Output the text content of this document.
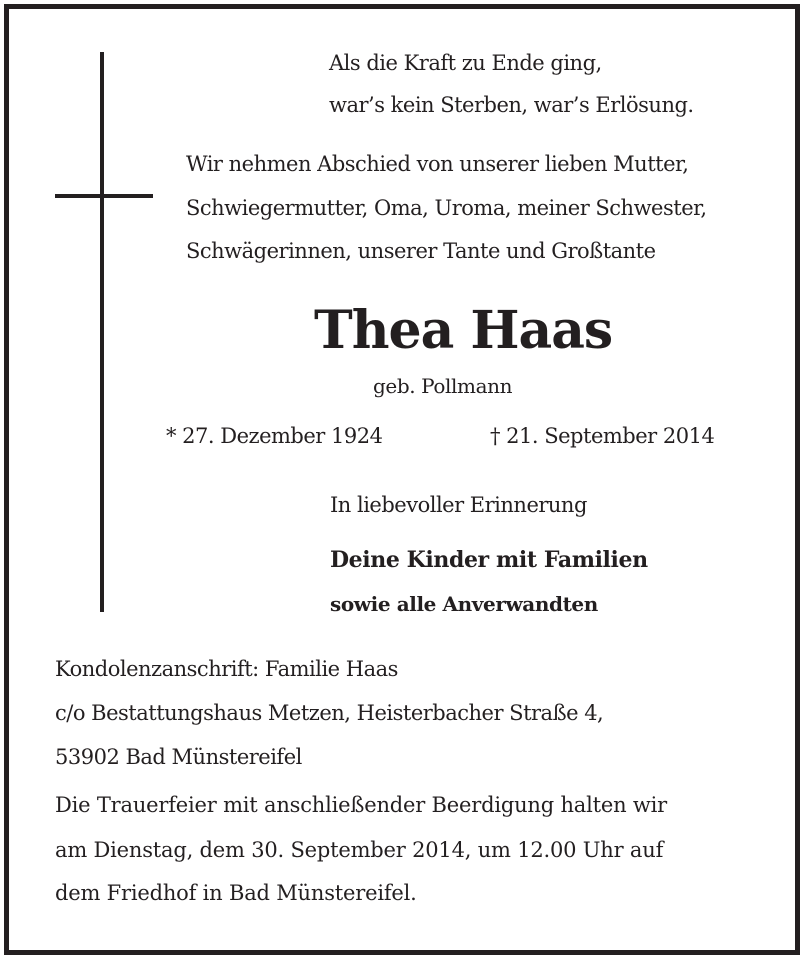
Als die Kraft zu Ende ging,

war’s kein Sterben, war’s Erlösung.

Wir nehmen Abschied von unserer lieben Mutter,

Schwiegermutter, Oma, Uroma, meiner Schwester,

Schwägerinnen, unserer Tante und Großtante

Thea Haas

geb. Pollmann

* 27. Dezember 1924	† 21. September 2014

In liebevoller Erinnerung

Deine Kinder mit Familien

sowie alle Anverwandten

Kondolenzanschrift: Familie Haas

c/o Bestattungshaus Metzen, Heisterbacher Straße 4,

53902 Bad Münstereifel

Die Trauerfeier mit anschließender Beerdigung halten wir

am Dienstag, dem 30. September 2014, um 12.00 Uhr auf

dem Friedhof in Bad Münstereifel.
